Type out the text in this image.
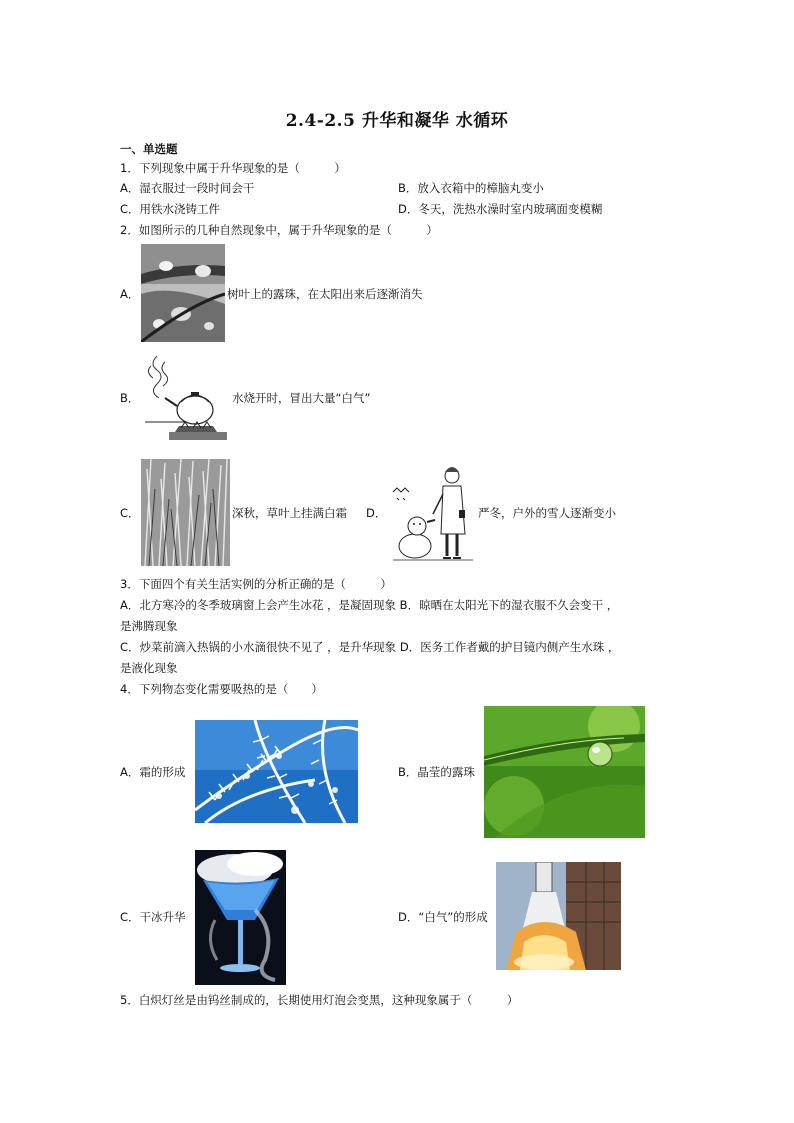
2.4-2.5 升华和凝华 水循环
一、单选题
1．下列现象中属于升华现象的是（　　　）
A．湿衣服过一段时间会干	B．放入衣箱中的樟脑丸变小
C．用铁水浇铸工件	D．冬天，洗热水澡时室内玻璃面变模糊
2．如图所示的几种自然现象中，属于升华现象的是（　　　）
A．	树叶上的露珠，在太阳出来后逐渐消失
B．	水烧开时，冒出大量“白气”
C．	深秋，草叶上挂满白霜 D．	严冬，户外的雪人逐渐变小
3．下面四个有关生活实例的分析正确的是（　　　）
A．北方寒冷的冬季玻璃窗上会产生冰花 ，是凝固现象 B．晾晒在太阳光下的湿衣服不久会变干 ，
是沸腾现象
C．炒菜前滴入热锅的小水滴很快不见了 ，是升华现象 D．医务工作者戴的护目镜内侧产生水珠 ，
是液化现象
4．下列物态变化需要吸热的是（　　）
A．霜的形成	B．晶莹的露珠
C．干冰升华	D．“白气”的形成
5．白炽灯丝是由钨丝制成的，长期使用灯泡会变黑，这种现象属于（　　　）
